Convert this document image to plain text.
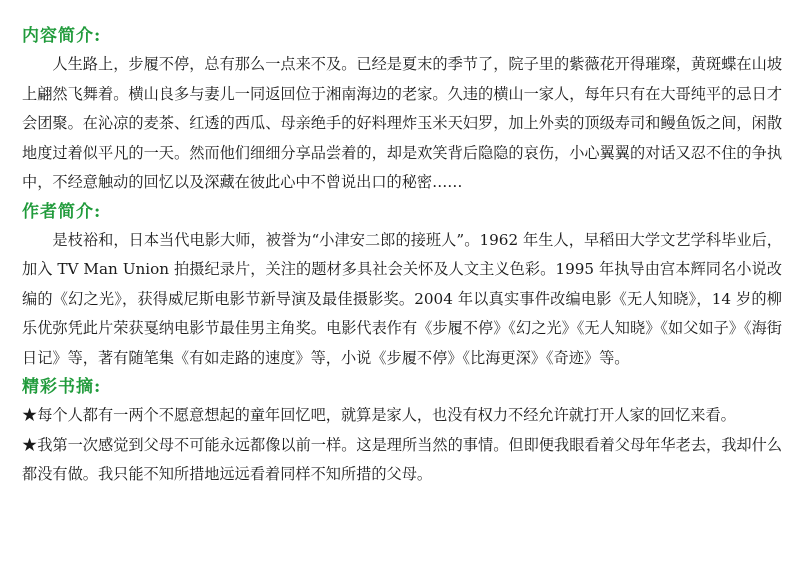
内容简介:

人生路上，步履不停，总有那么一点来不及。已经是夏末的季节了，院子里的紫薇花开得璀璨，黄斑蝶在山坡上翩然飞舞着。横山良多与妻儿一同返回位于湘南海边的老家。久违的横山一家人，每年只有在大哥纯平的忌日才会团聚。在沁凉的麦茶、红透的西瓜、母亲绝手的好料理炸玉米天妇罗，加上外卖的顶级寿司和鳗鱼饭之间，闲散地度过着似平凡的一天。然而他们细细分享品尝着的，却是欢笑背后隐隐的哀伤，小心翼翼的对话又忍不住的争执中，不经意触动的回忆以及深藏在彼此心中不曾说出口的秘密……

作者简介:

是枝裕和，日本当代电影大师，被誉为“小津安二郎的接班人”。1962 年生人，早稻田大学文艺学科毕业后，加入 TV Man Union 拍摄纪录片，关注的题材多具社会关怀及人文主义色彩。1995 年执导由宫本辉同名小说改编的《幻之光》，获得威尼斯电影节新导演及最佳摄影奖。2004 年以真实事件改编电影《无人知晓》，14 岁的柳乐优弥凭此片荣获戛纳电影节最佳男主角奖。电影代表作有《步履不停》《幻之光》《无人知晓》《如父如子》《海街日记》等，著有随笔集《有如走路的速度》等，小说《步履不停》《比海更深》《奇迹》等。

精彩书摘:

★每个人都有一两个不愿意想起的童年回忆吧，就算是家人，也没有权力不经允许就打开人家的回忆来看。

★我第一次感觉到父母不可能永远都像以前一样。这是理所当然的事情。但即便我眼看着父母年华老去，我却什么都没有做。我只能不知所措地远远看着同样不知所措的父母。
